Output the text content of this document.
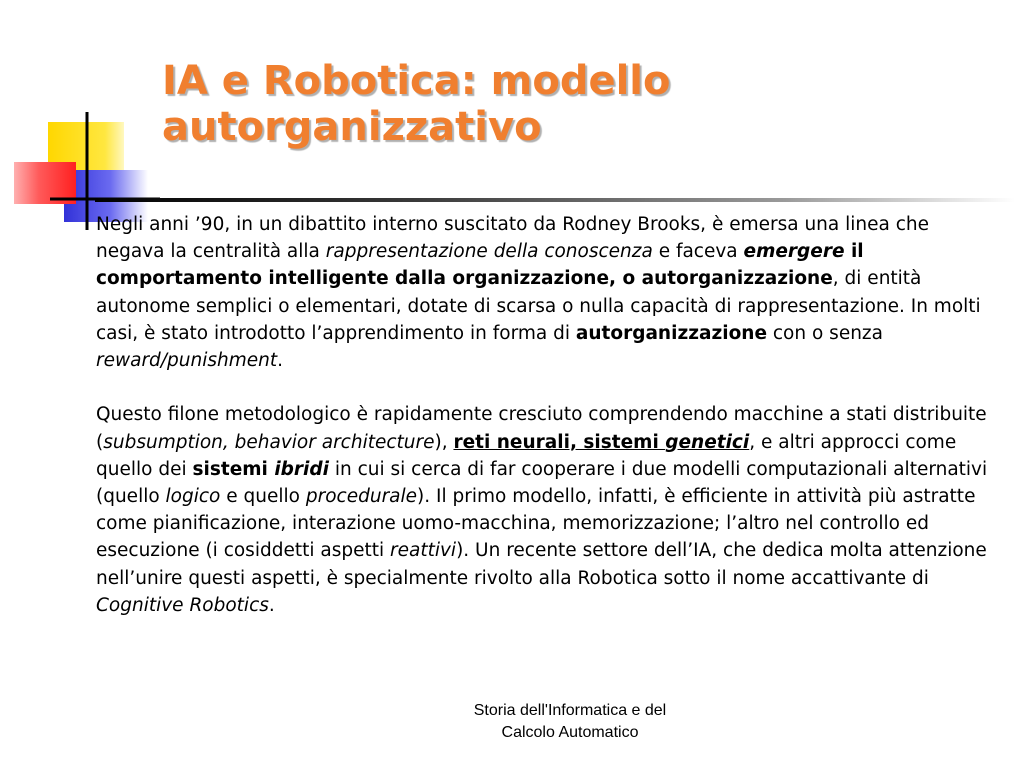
IA e Robotica: modello
autorganizzativo

Negli anni ’90, in un dibattito interno suscitato da Rodney Brooks, è emersa una linea che negava la centralità alla rappresentazione della conoscenza e faceva emergere il comportamento intelligente dalla organizzazione, o autorganizzazione, di entità autonome semplici o elementari, dotate di scarsa o nulla capacità di rappresentazione. In molti casi, è stato introdotto l’apprendimento in forma di autorganizzazione con o senza reward/punishment.

Questo filone metodologico è rapidamente cresciuto comprendendo macchine a stati distribuite (subsumption, behavior architecture), reti neurali, sistemi genetici, e altri approcci come quello dei sistemi ibridi in cui si cerca di far cooperare i due modelli computazionali alternativi (quello logico e quello procedurale). Il primo modello, infatti, è efficiente in attività più astratte come pianificazione, interazione uomo-macchina, memorizzazione; l’altro nel controllo ed esecuzione (i cosiddetti aspetti reattivi). Un recente settore dell’IA, che dedica molta attenzione nell’unire questi aspetti, è specialmente rivolto alla Robotica sotto il nome accattivante di Cognitive Robotics.

Storia dell'Informatica e del
Calcolo Automatico
